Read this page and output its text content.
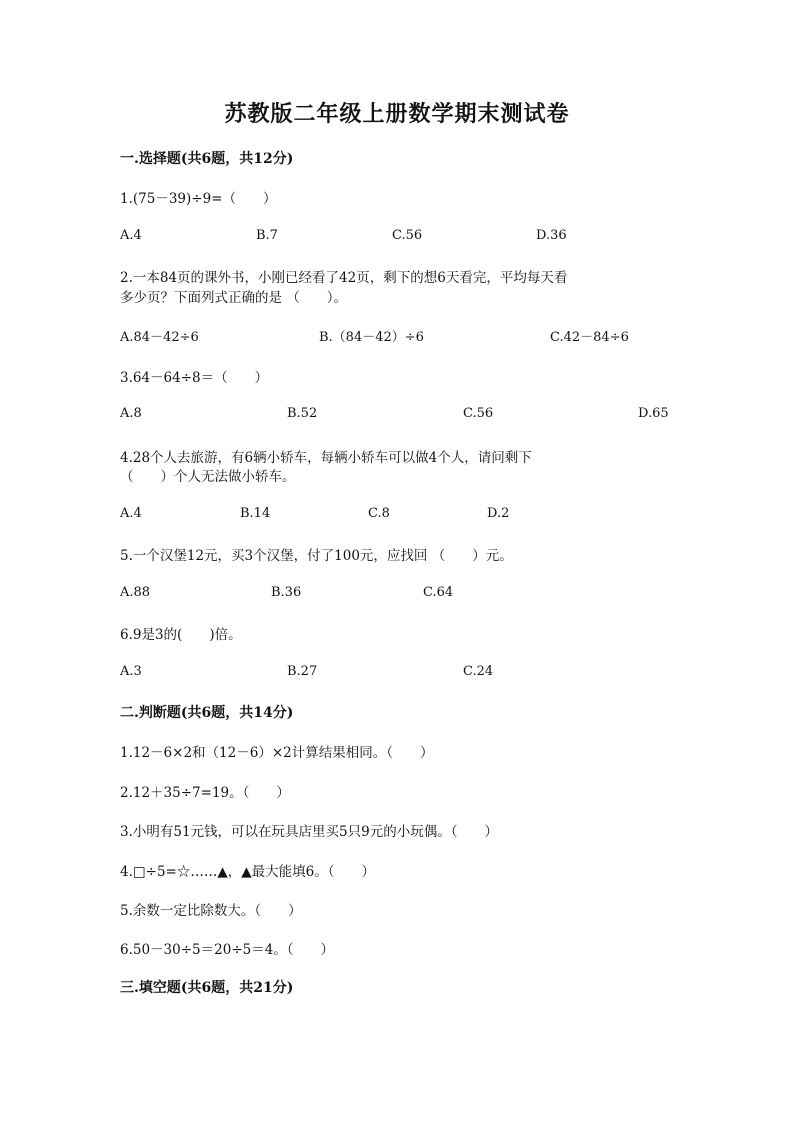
苏教版二年级上册数学期末测试卷
一.选择题(共6题，共12分)
1.(75－39)÷9=（　　）
A.4	B.7	C.56	D.36
2.一本84页的课外书，小刚已经看了42页，剩下的想6天看完，平均每天看
多少页？下面列式正确的是 （　　）。
A.84－42÷6	B.（84－42）÷6	C.42－84÷6
3.64－64÷8＝（　　）
A.8	B.52	C.56	D.65
4.28个人去旅游，有6辆小轿车，每辆小轿车可以做4个人，请问剩下
（　　）个人无法做小轿车。
A.4	B.14	C.8	D.2
5.一个汉堡12元，买3个汉堡，付了100元，应找回 （　　）元。
A.88	B.36	C.64
6.9是3的(　　)倍。
A.3	B.27	C.24
二.判断题(共6题，共14分)
1.12－6×2和（12－6）×2计算结果相同。（　　）
2.12＋35÷7=19。（　　）
3.小明有51元钱，可以在玩具店里买5只9元的小玩偶。（　　）
4.□÷5=☆……▲，▲最大能填6。（　　）
5.余数一定比除数大。（　　）
6.50－30÷5＝20÷5＝4。（　　）
三.填空题(共6题，共21分)
